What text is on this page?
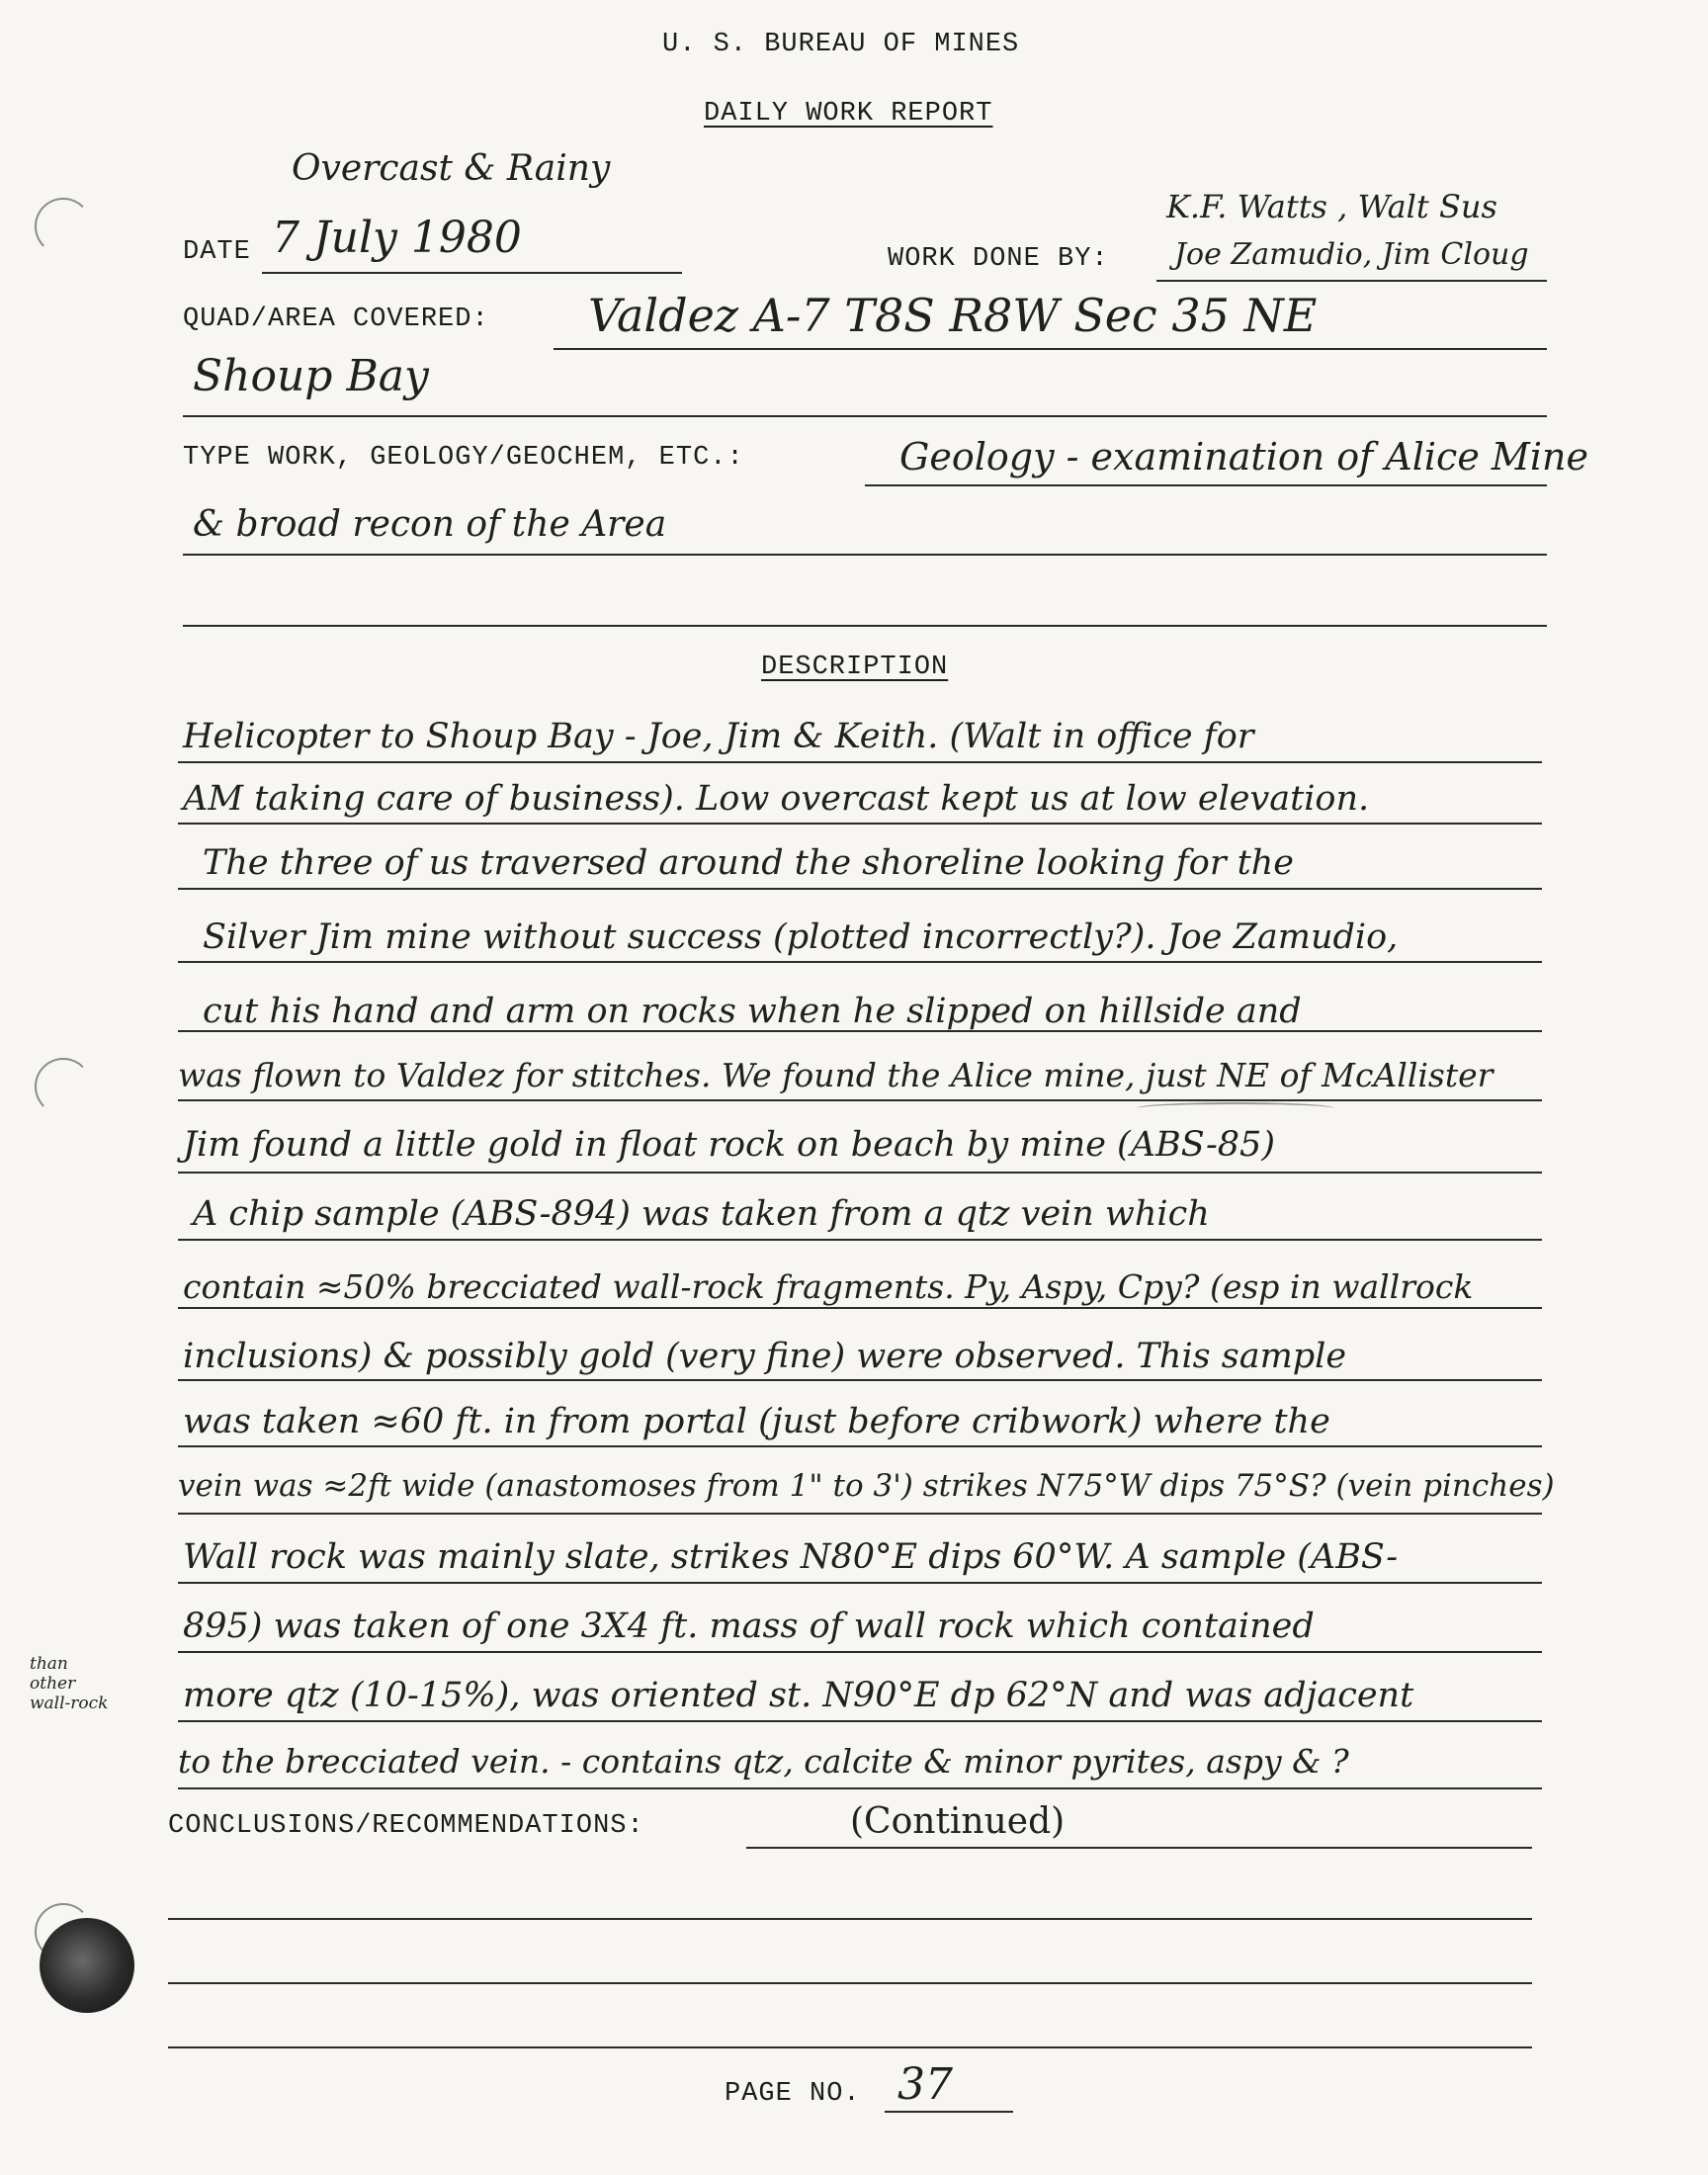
U. S. BUREAU OF MINES
DAILY WORK REPORT
Overcast & Rainy
DATE 7 July 1980
K.F. Watts , Walt Sus
WORK DONE BY: Joe Zamudio, Jim Cloug
QUAD/AREA COVERED: Valdez A-7 T8S R8W Sec 35 NE
Shoup Bay
TYPE WORK, GEOLOGY/GEOCHEM, ETC.:	Geology - examination of Alice Mine
& broad recon of the Area
DESCRIPTION
Helicopter to Shoup Bay - Joe, Jim & Keith. (Walt in office for
AM taking care of business). Low overcast kept us at low elevation.
The three of us traversed around the shoreline looking for the
Silver Jim mine without success (plotted incorrectly?). Joe Zamudio,
cut his hand and arm on rocks when he slipped on hillside and
was flown to Valdez for stitches. We found the Alice mine, just NE of McAllister
Jim found a little gold in float rock on beach by mine (ABS-85)
A chip sample (ABS-894) was taken from a qtz vein which
contain ≈50% brecciated wall-rock fragments. Py, Aspy, Cpy? (esp in wallrock
inclusions) & possibly gold (very fine) were observed. This sample
was taken ≈60 ft. in from portal (just before cribwork) where the
vein was ≈2ft wide (anastomoses from 1" to 3') strikes N75°W dips 75°S? (vein pinches)
Wall rock was mainly slate, strikes N80°E dips 60°W. A sample (ABS-
895) was taken of one 3X4 ft. mass of wall rock which contained
than
other
wall-rock more qtz (10-15%), was oriented st. N90°E dp 62°N and was adjacent
to the brecciated vein. - contains qtz, calcite & minor pyrites, aspy & ?
CONCLUSIONS/RECOMMENDATIONS:	(Continued)
PAGE NO. 37
